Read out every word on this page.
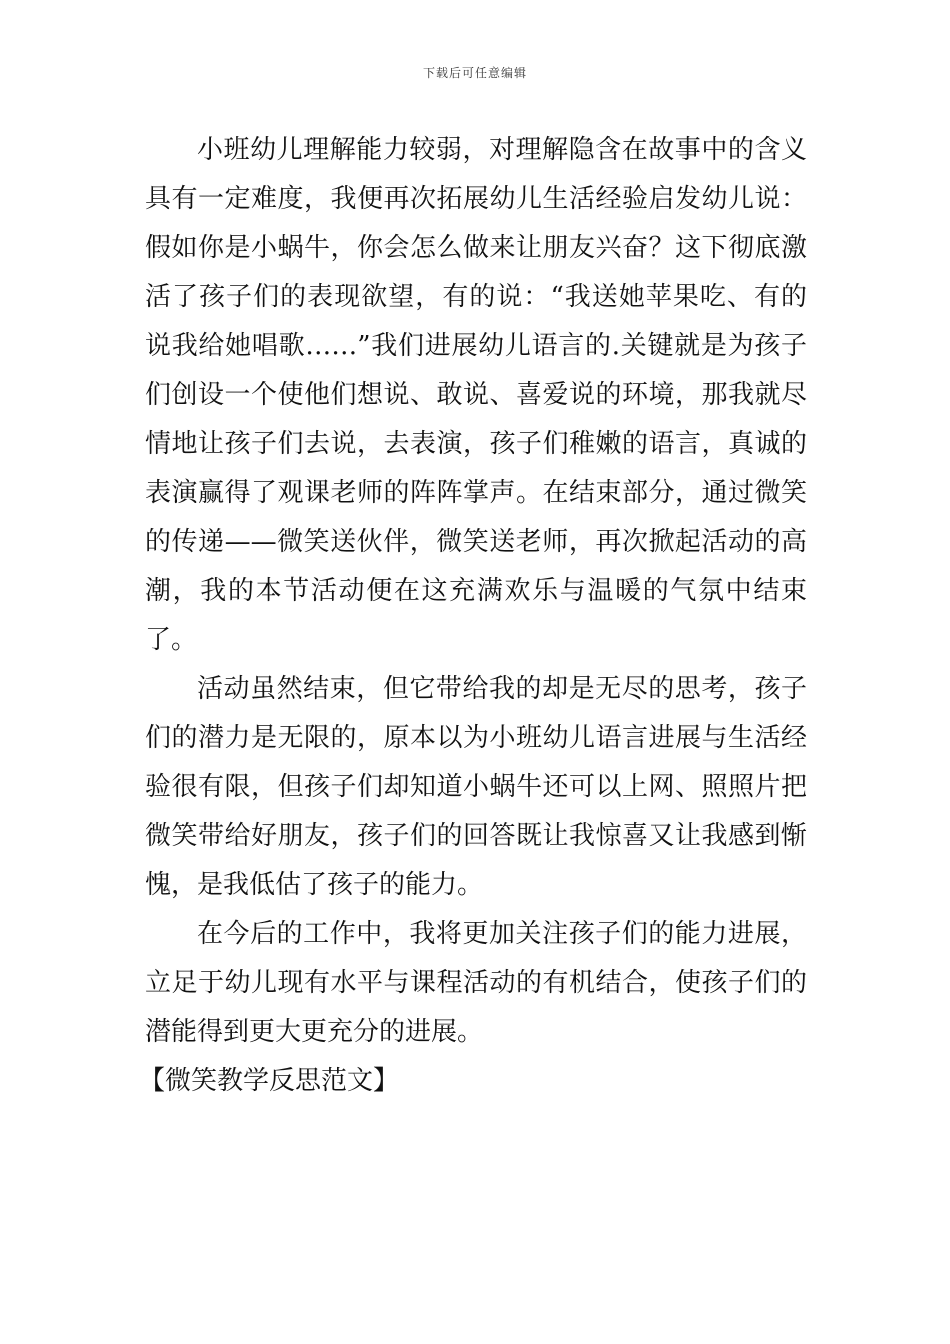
下载后可任意编辑

小班幼儿理解能力较弱，对理解隐含在故事中的含义具有一定难度，我便再次拓展幼儿生活经验启发幼儿说：假如你是小蜗牛，你会怎么做来让朋友兴奋？这下彻底激活了孩子们的表现欲望，有的说：“我送她苹果吃、有的说我给她唱歌……”我们进展幼儿语言的.关键就是为孩子们创设一个使他们想说、敢说、喜爱说的环境，那我就尽情地让孩子们去说，去表演，孩子们稚嫩的语言，真诚的表演赢得了观课老师的阵阵掌声。在结束部分，通过微笑的传递——微笑送伙伴，微笑送老师，再次掀起活动的高潮，我的本节活动便在这充满欢乐与温暖的气氛中结束了。

活动虽然结束，但它带给我的却是无尽的思考，孩子们的潜力是无限的，原本以为小班幼儿语言进展与生活经验很有限，但孩子们却知道小蜗牛还可以上网、照照片把微笑带给好朋友，孩子们的回答既让我惊喜又让我感到惭愧，是我低估了孩子的能力。

在今后的工作中，我将更加关注孩子们的能力进展，立足于幼儿现有水平与课程活动的有机结合，使孩子们的潜能得到更大更充分的进展。

【微笑教学反思范文】
